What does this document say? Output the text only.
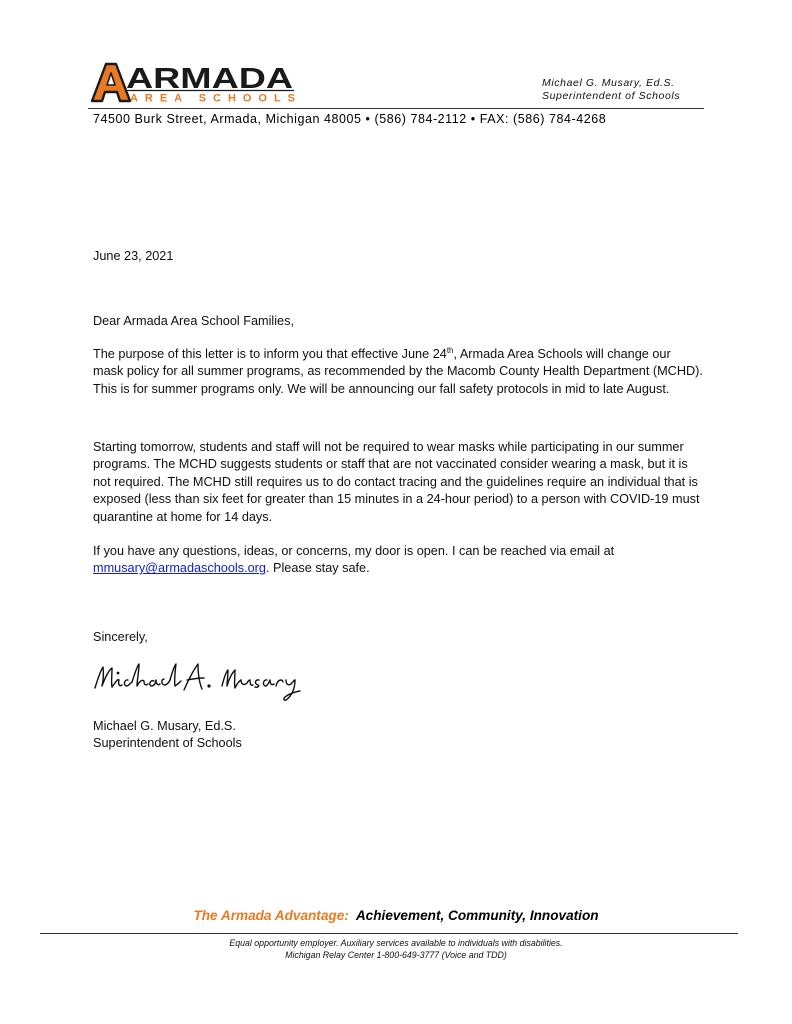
ARMADA
AREA SCHOOLS
Michael G. Musary, Ed.S.
Superintendent of Schools
74500 Burk Street, Armada, Michigan 48005 • (586) 784-2112 • FAX: (586) 784-4268
June 23, 2021
Dear Armada Area School Families,

The purpose of this letter is to inform you that effective June 24th, Armada Area Schools will change our mask policy for all summer programs, as recommended by the Macomb County Health Department (MCHD). This is for summer programs only. We will be announcing our fall safety protocols in mid to late August.

Starting tomorrow, students and staff will not be required to wear masks while participating in our summer programs. The MCHD suggests students or staff that are not vaccinated consider wearing a mask, but it is not required. The MCHD still requires us to do contact tracing and the guidelines require an individual that is exposed (less than six feet for greater than 15 minutes in a 24-hour period) to a person with COVID-19 must quarantine at home for 14 days.

If you have any questions, ideas, or concerns, my door is open. I can be reached via email at
mmusary@armadaschools.org. Please stay safe.

Sincerely,
Michael G. Musary, Ed.S.
Superintendent of Schools
The Armada Advantage: Achievement, Community, Innovation
Equal opportunity employer. Auxiliary services available to individuals with disabilities.
Michigan Relay Center 1-800-649-3777 (Voice and TDD)
